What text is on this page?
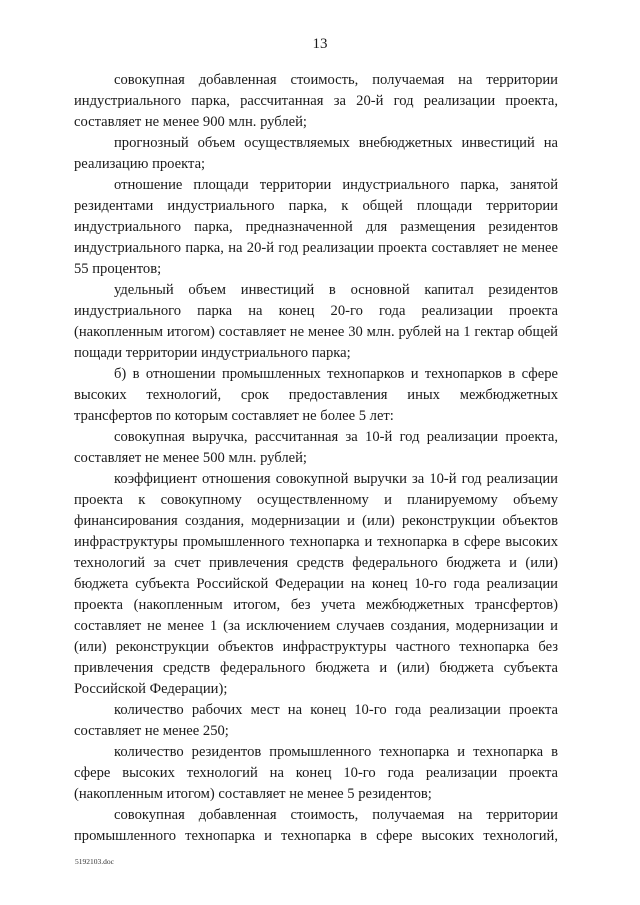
13

совокупная добавленная стоимость, получаемая на территории индустриального парка, рассчитанная за 20-й год реализации проекта, составляет не менее 900 млн. рублей;

прогнозный объем осуществляемых внебюджетных инвестиций на реализацию проекта;

отношение площади территории индустриального парка, занятой резидентами индустриального парка, к общей площади территории индустриального парка, предназначенной для размещения резидентов индустриального парка, на 20-й год реализации проекта составляет не менее 55 процентов;

удельный объем инвестиций в основной капитал резидентов индустриального парка на конец 20-го года реализации проекта (накопленным итогом) составляет не менее 30 млн. рублей на 1 гектар общей пощади территории индустриального парка;

б) в отношении промышленных технопарков и технопарков в сфере высоких технологий, срок предоставления иных межбюджетных трансфертов по которым составляет не более 5 лет:

совокупная выручка, рассчитанная за 10-й год реализации проекта, составляет не менее 500 млн. рублей;

коэффициент отношения совокупной выручки за 10-й год реализации проекта к совокупному осуществленному и планируемому объему финансирования создания, модернизации и (или) реконструкции объектов инфраструктуры промышленного технопарка и технопарка в сфере высоких технологий за счет привлечения средств федерального бюджета и (или) бюджета субъекта Российской Федерации на конец 10-го года реализации проекта (накопленным итогом, без учета межбюджетных трансфертов) составляет не менее 1 (за исключением случаев создания, модернизации и (или) реконструкции объектов инфраструктуры частного технопарка без привлечения средств федерального бюджета и (или) бюджета субъекта Российской Федерации);

количество рабочих мест на конец 10-го года реализации проекта составляет не менее 250;

количество резидентов промышленного технопарка и технопарка в сфере высоких технологий на конец 10-го года реализации проекта (накопленным итогом) составляет не менее 5 резидентов;

совокупная добавленная стоимость, получаемая на территории промышленного технопарка и технопарка в сфере высоких технологий,

5192103.doc
